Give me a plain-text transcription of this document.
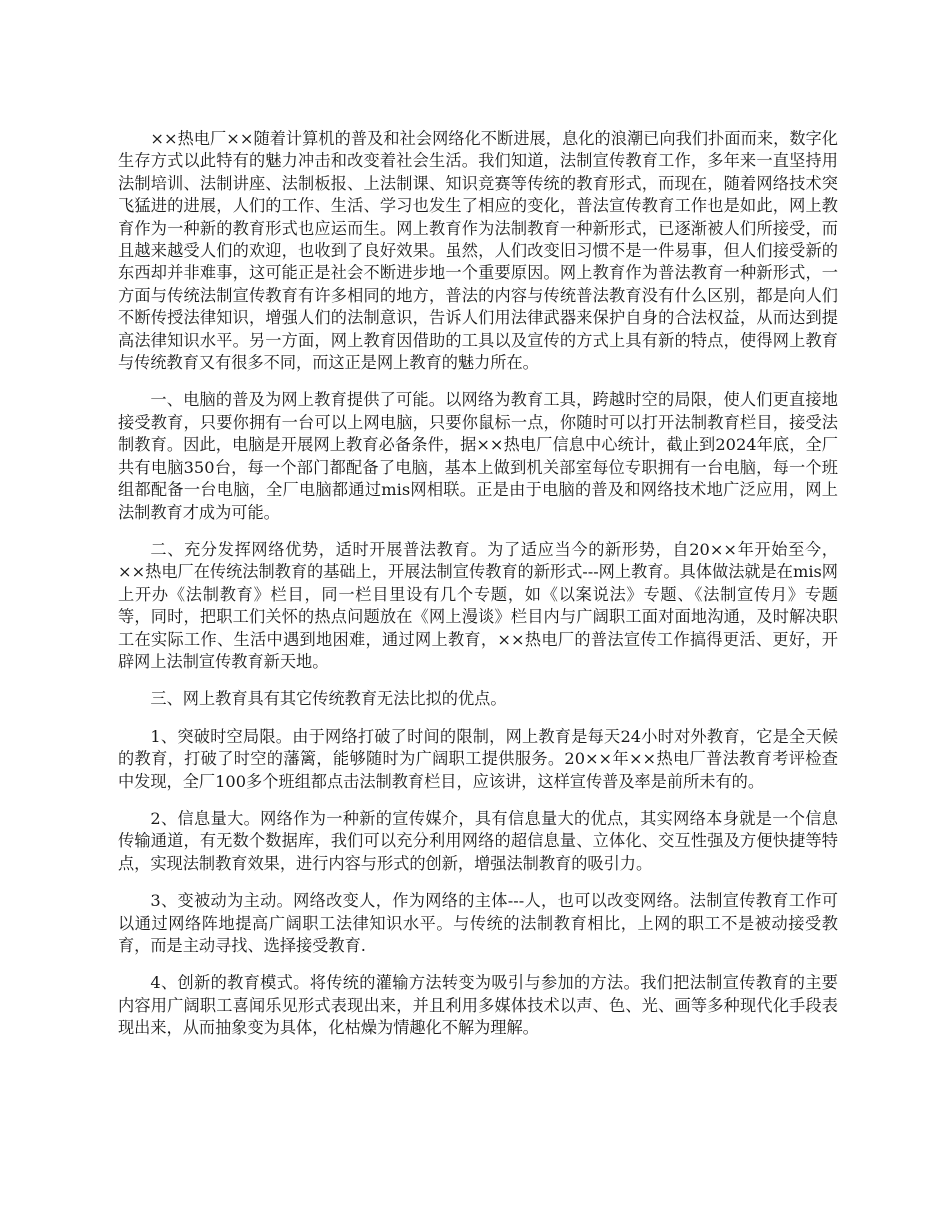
××热电厂××随着计算机的普及和社会网络化不断进展，息化的浪潮已向我们扑面而来，数字化生存方式以此特有的魅力冲击和改变着社会生活。我们知道，法制宣传教育工作，多年来一直坚持用法制培训、法制讲座、法制板报、上法制课、知识竞赛等传统的教育形式，而现在，随着网络技术突飞猛进的进展，人们的工作、生活、学习也发生了相应的变化，普法宣传教育工作也是如此，网上教育作为一种新的教育形式也应运而生。网上教育作为法制教育一种新形式，已逐渐被人们所接受，而且越来越受人们的欢迎，也收到了良好效果。虽然，人们改变旧习惯不是一件易事，但人们接受新的东西却并非难事，这可能正是社会不断进步地一个重要原因。网上教育作为普法教育一种新形式，一方面与传统法制宣传教育有许多相同的地方，普法的内容与传统普法教育没有什么区别，都是向人们不断传授法律知识，增强人们的法制意识，告诉人们用法律武器来保护自身的合法权益，从而达到提高法律知识水平。另一方面，网上教育因借助的工具以及宣传的方式上具有新的特点，使得网上教育与传统教育又有很多不同，而这正是网上教育的魅力所在。

一、电脑的普及为网上教育提供了可能。以网络为教育工具，跨越时空的局限，使人们更直接地接受教育，只要你拥有一台可以上网电脑，只要你鼠标一点，你随时可以打开法制教育栏目，接受法制教育。因此，电脑是开展网上教育必备条件，据××热电厂信息中心统计，截止到2024年底，全厂共有电脑350台，每一个部门都配备了电脑，基本上做到机关部室每位专职拥有一台电脑，每一个班组都配备一台电脑，全厂电脑都通过mis网相联。正是由于电脑的普及和网络技术地广泛应用，网上法制教育才成为可能。

二、充分发挥网络优势，适时开展普法教育。为了适应当今的新形势，自20××年开始至今，××热电厂在传统法制教育的基础上，开展法制宣传教育的新形式---网上教育。具体做法就是在mis网上开办《法制教育》栏目，同一栏目里设有几个专题，如《以案说法》专题、《法制宣传月》专题等，同时，把职工们关怀的热点问题放在《网上漫谈》栏目内与广阔职工面对面地沟通，及时解决职工在实际工作、生活中遇到地困难，通过网上教育，××热电厂的普法宣传工作搞得更活、更好，开辟网上法制宣传教育新天地。

三、网上教育具有其它传统教育无法比拟的优点。

1、突破时空局限。由于网络打破了时间的限制，网上教育是每天24小时对外教育，它是全天候的教育，打破了时空的藩篱，能够随时为广阔职工提供服务。20××年××热电厂普法教育考评检查中发现，全厂100多个班组都点击法制教育栏目，应该讲，这样宣传普及率是前所未有的。

2、信息量大。网络作为一种新的宣传媒介，具有信息量大的优点，其实网络本身就是一个信息传输通道，有无数个数据库，我们可以充分利用网络的超信息量、立体化、交互性强及方便快捷等特点，实现法制教育效果，进行内容与形式的创新，增强法制教育的吸引力。

3、变被动为主动。网络改变人，作为网络的主体---人，也可以改变网络。法制宣传教育工作可以通过网络阵地提高广阔职工法律知识水平。与传统的法制教育相比，上网的职工不是被动接受教育，而是主动寻找、选择接受教育.

4、创新的教育模式。将传统的灌输方法转变为吸引与参加的方法。我们把法制宣传教育的主要内容用广阔职工喜闻乐见形式表现出来，并且利用多媒体技术以声、色、光、画等多种现代化手段表现出来，从而抽象变为具体，化枯燥为情趣化不解为理解。
